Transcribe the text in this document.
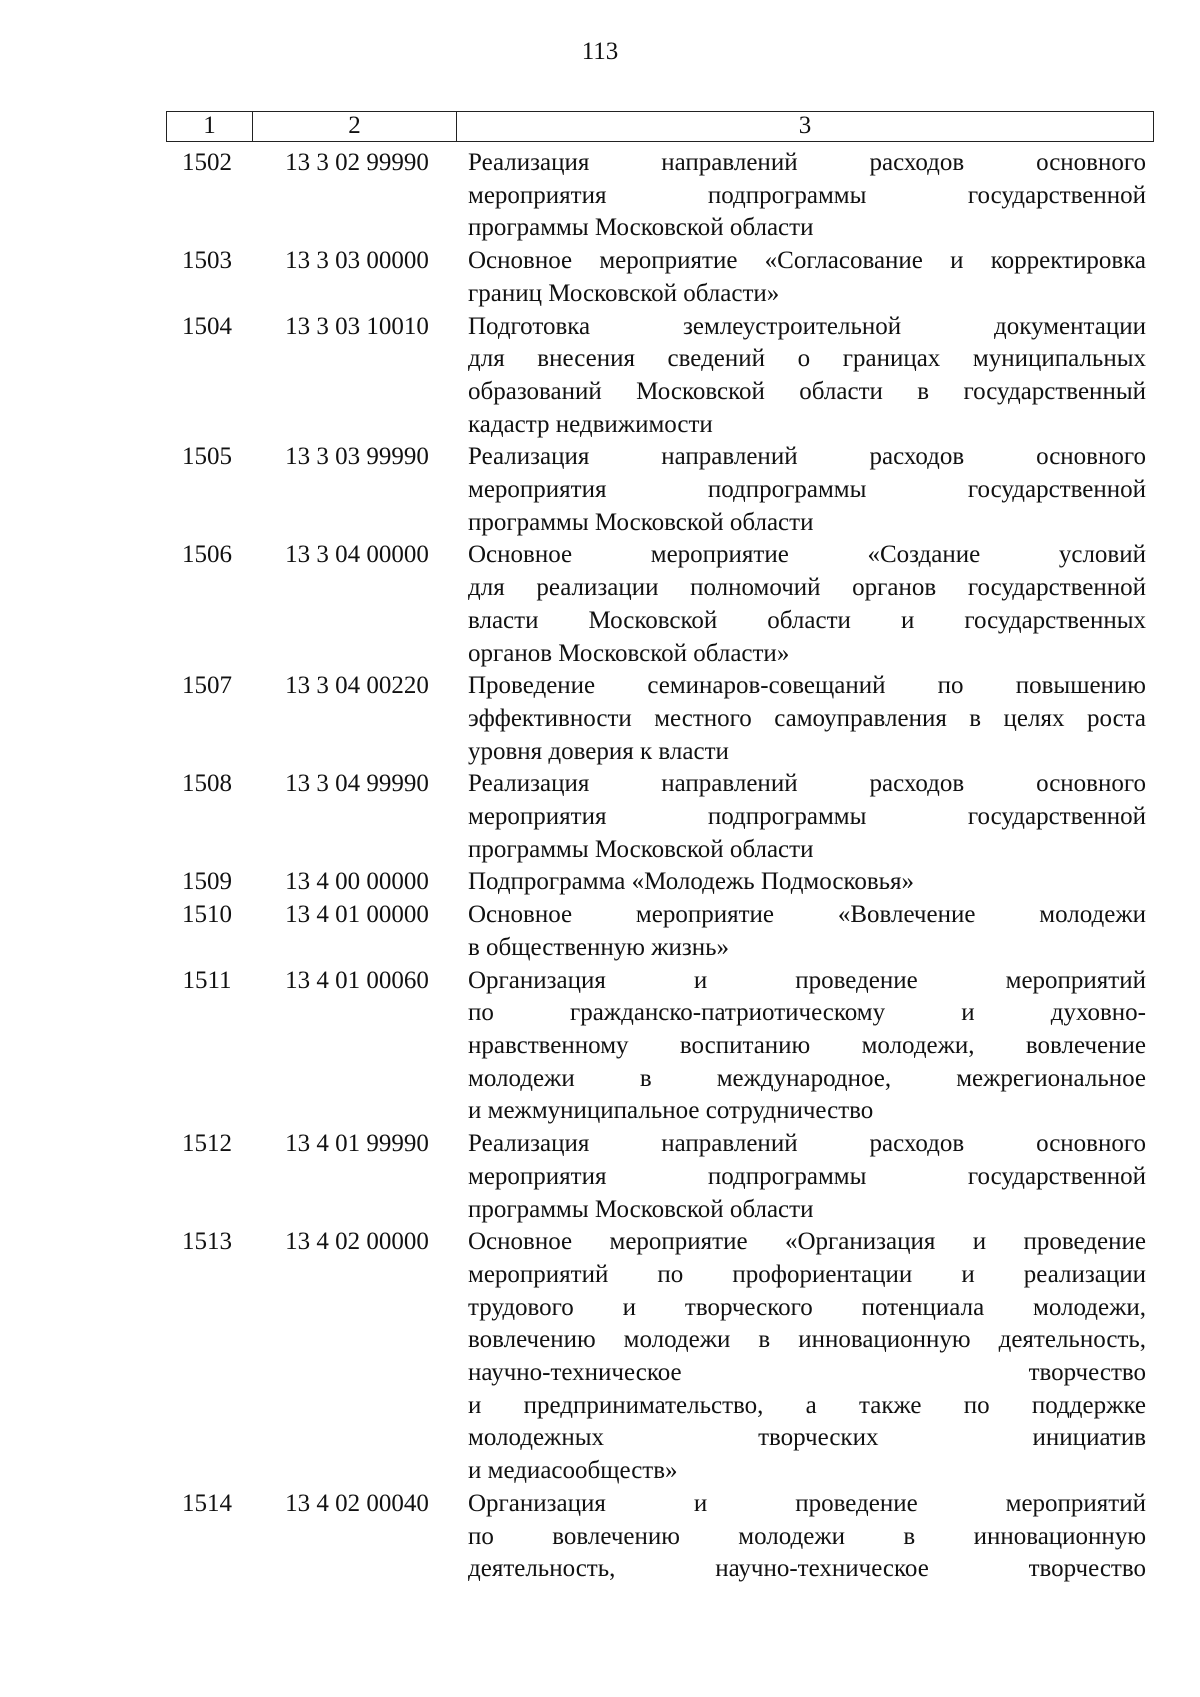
113
1	2	3
1502	13 3 02 99990	Реализация направлений расходов основного
мероприятия подпрограммы государственной
программы Московской области
1503	13 3 03 00000	Основное мероприятие «Согласование и корректировка
границ Московской области»
1504	13 3 03 10010	Подготовка землеустроительной документации
для внесения сведений о границах муниципальных
образований Московской области в государственный
кадастр недвижимости
1505	13 3 03 99990	Реализация направлений расходов основного
мероприятия подпрограммы государственной
программы Московской области
1506	13 3 04 00000	Основное мероприятие «Создание условий
для реализации полномочий органов государственной
власти Московской области и государственных
органов Московской области»
1507	13 3 04 00220	Проведение семинаров-совещаний по повышению
эффективности местного самоуправления в целях роста
уровня доверия к власти
1508	13 3 04 99990	Реализация направлений расходов основного
мероприятия подпрограммы государственной
программы Московской области
1509	13 4 00 00000	Подпрограмма «Молодежь Подмосковья»
1510	13 4 01 00000	Основное мероприятие «Вовлечение молодежи
в общественную жизнь»
1511	13 4 01 00060	Организация и проведение мероприятий
по гражданско-патриотическому и духовно-
нравственному воспитанию молодежи, вовлечение
молодежи в международное, межрегиональное
и межмуниципальное сотрудничество
1512	13 4 01 99990	Реализация направлений расходов основного
мероприятия подпрограммы государственной
программы Московской области
1513	13 4 02 00000	Основное мероприятие «Организация и проведение
мероприятий по профориентации и реализации
трудового и творческого потенциала молодежи,
вовлечению молодежи в инновационную деятельность,
научно-техническое творчество
и предпринимательство, а также по поддержке
молодежных творческих инициатив
и медиасообществ»
1514	13 4 02 00040	Организация и проведение мероприятий
по вовлечению молодежи в инновационную
деятельность, научно-техническое творчество
